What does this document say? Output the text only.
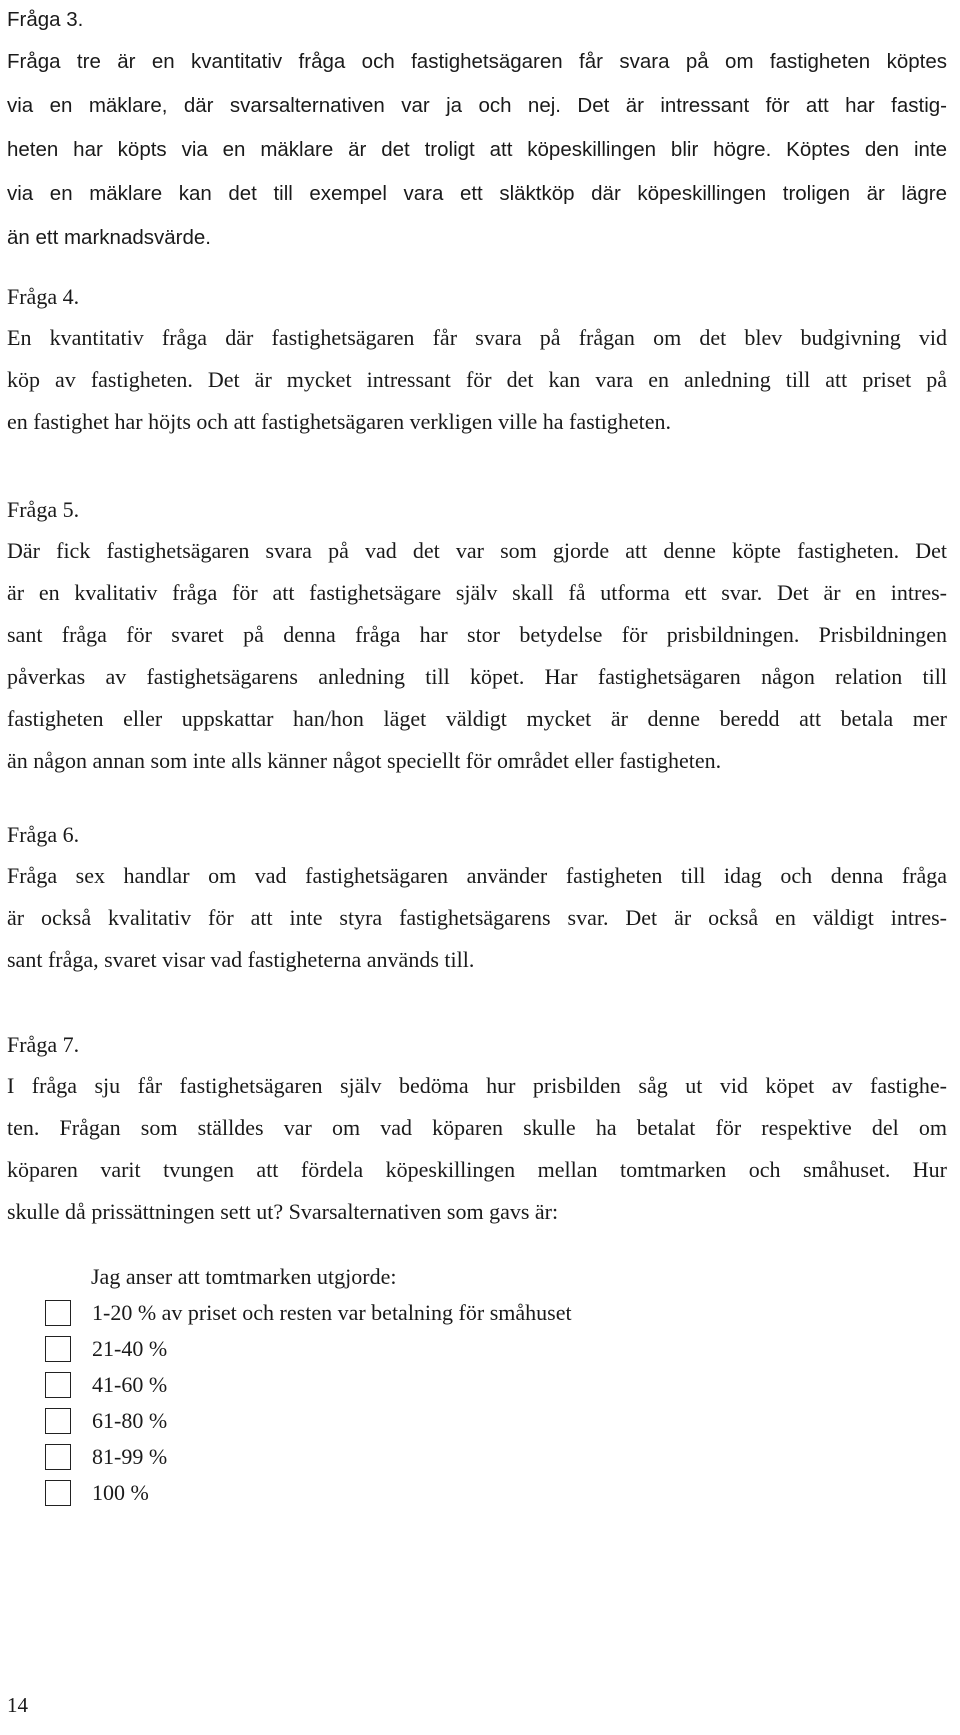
Fråga 3.
Fråga tre är en kvantitativ fråga och fastighetsägaren får svara på om fastigheten köptes
via en mäklare, där svarsalternativen var ja och nej. Det är intressant för att har fastig-
heten har köpts via en mäklare är det troligt att köpeskillingen blir högre. Köptes den inte
via en mäklare kan det till exempel vara ett släktköp där köpeskillingen troligen är lägre
än ett marknadsvärde.
Fråga 4.
En kvantitativ fråga där fastighetsägaren får svara på frågan om det blev budgivning vid
köp av fastigheten. Det är mycket intressant för det kan vara en anledning till att priset på
en fastighet har höjts och att fastighetsägaren verkligen ville ha fastigheten.
Fråga 5.
Där fick fastighetsägaren svara på vad det var som gjorde att denne köpte fastigheten. Det
är en kvalitativ fråga för att fastighetsägare själv skall få utforma ett svar. Det är en intres-
sant fråga för svaret på denna fråga har stor betydelse för prisbildningen. Prisbildningen
påverkas av fastighetsägarens anledning till köpet. Har fastighetsägaren någon relation till
fastigheten eller uppskattar han/hon läget väldigt mycket är denne beredd att betala mer
än någon annan som inte alls känner något speciellt för området eller fastigheten.
Fråga 6.
Fråga sex handlar om vad fastighetsägaren använder fastigheten till idag och denna fråga
är också kvalitativ för att inte styra fastighetsägarens svar. Det är också en väldigt intres-
sant fråga, svaret visar vad fastigheterna används till.
Fråga 7.
I fråga sju får fastighetsägaren själv bedöma hur prisbilden såg ut vid köpet av fastighe-
ten. Frågan som ställdes var om vad köparen skulle ha betalat för respektive del om
köparen varit tvungen att fördela köpeskillingen mellan tomtmarken och småhuset. Hur
skulle då prissättningen sett ut? Svarsalternativen som gavs är:
Jag anser att tomtmarken utgjorde:
1-20 % av priset och resten var betalning för småhuset
21-40 %
41-60 %
61-80 %
81-99 %
100 %
14
